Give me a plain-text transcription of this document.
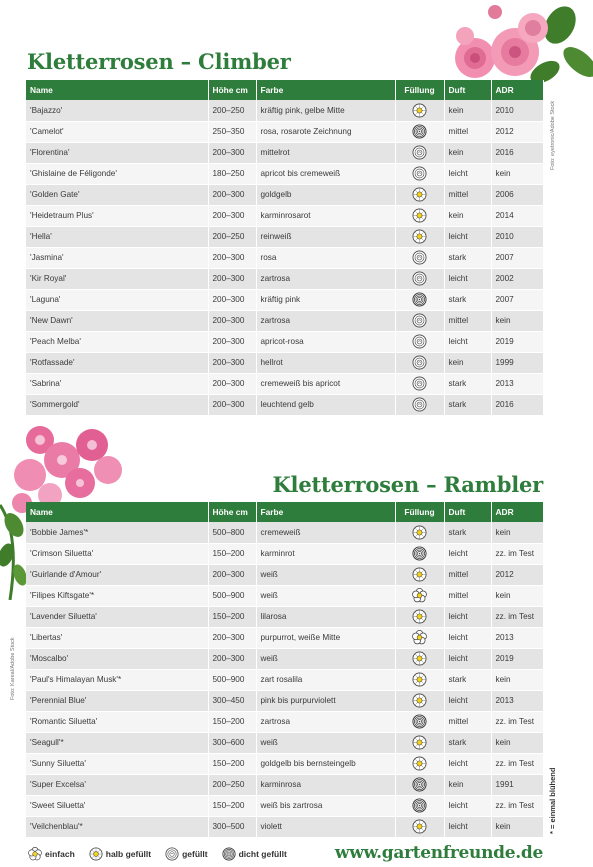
Kletterrosen – Climber
Name	Höhe cm	Farbe	Füllung	Duft	ADR
'Bajazzo'	200–250	kräftig pink, gelbe Mitte		kein	2010
'Camelot'	250–350	rosa, rosarote Zeichnung		mittel	2012
'Florentina'	200–300	mittelrot		kein	2016
'Ghislaine de Féligonde'	180–250	apricot bis cremeweiß		leicht	kein
'Golden Gate'	200–300	goldgelb		mittel	2006
'Heidetraum Plus'	200–300	karminrosarot		kein	2014
'Hella'	200–250	reinweiß		leicht	2010
'Jasmina'	200–300	rosa		stark	2007
'Kir Royal'	200–300	zartrosa		leicht	2002
'Laguna'	200–300	kräftig pink		stark	2007
'New Dawn'	200–300	zartrosa		mittel	kein
'Peach Melba'	200–300	apricot-rosa		leicht	2019
'Rotfassade'	200–300	hellrot		kein	1999
'Sabrina'	200–300	cremeweiß bis apricot		stark	2013
'Sommergold'	200–300	leuchtend gelb		stark	2016
Foto: eyetronic/Adobe Stock
Kletterrosen – Rambler
Name	Höhe cm	Farbe	Füllung	Duft	ADR
'Bobbie James'*	500–800	cremeweiß		stark	kein
'Crimson Siluetta'	150–200	karminrot		leicht	zz. im Test
'Guirlande d'Amour'	200–300	weiß		mittel	2012
'Filipes Kiftsgate'*	500–900	weiß		mittel	kein
'Lavender Siluetta'	150–200	lilarosa		leicht	zz. im Test
'Libertas'	200–300	purpurrot, weiße Mitte		leicht	2013
'Moscalbo'	200–300	weiß		leicht	2019
'Paul's Himalayan Musk'*	500–900	zart rosalila		stark	kein
'Perennial Blue'	300–450	pink bis purpurviolett		leicht	2013
'Romantic Siluetta'	150–200	zartrosa		mittel	zz. im Test
'Seagull'*	300–600	weiß		stark	kein
'Sunny Siluetta'	150–200	goldgelb bis bernsteingelb		leicht	zz. im Test
'Super Excelsa'	200–250	karminrosa		kein	1991
'Sweet Siluetta'	150–200	weiß bis zartrosa		leicht	zz. im Test
'Veilchenblau'*	300–500	violett		leicht	kein
Foto: Kareal/Adobe Stock
* = einmal blühend
einfach	halb gefüllt	gefüllt	dicht gefüllt	www.gartenfreunde.de
